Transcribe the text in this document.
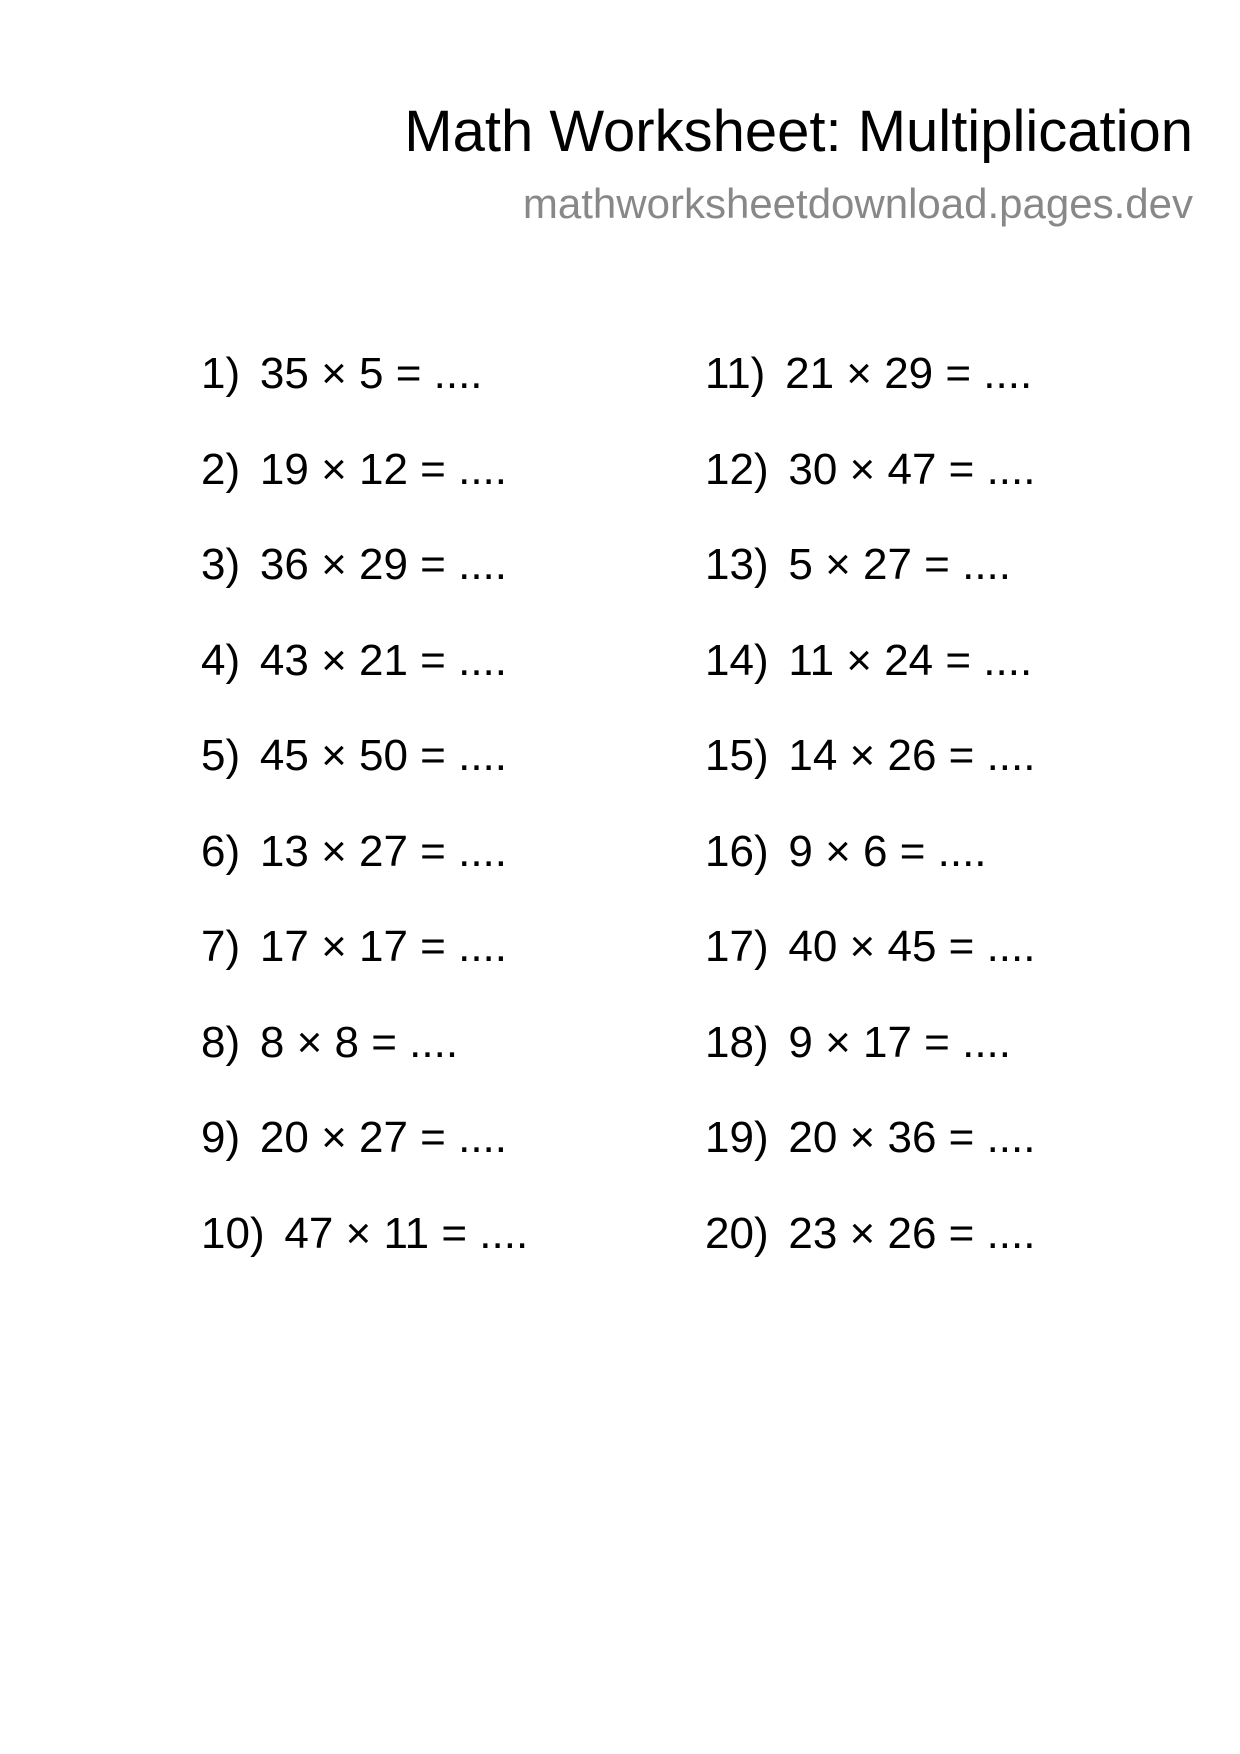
Math Worksheet: Multiplication
mathworksheetdownload.pages.dev
1) 35 × 5 = ....
2) 19 × 12 = ....
3) 36 × 29 = ....
4) 43 × 21 = ....
5) 45 × 50 = ....
6) 13 × 27 = ....
7) 17 × 17 = ....
8) 8 × 8 = ....
9) 20 × 27 = ....
10) 47 × 11 = ....
11) 21 × 29 = ....
12) 30 × 47 = ....
13) 5 × 27 = ....
14) 11 × 24 = ....
15) 14 × 26 = ....
16) 9 × 6 = ....
17) 40 × 45 = ....
18) 9 × 17 = ....
19) 20 × 36 = ....
20) 23 × 26 = ....
